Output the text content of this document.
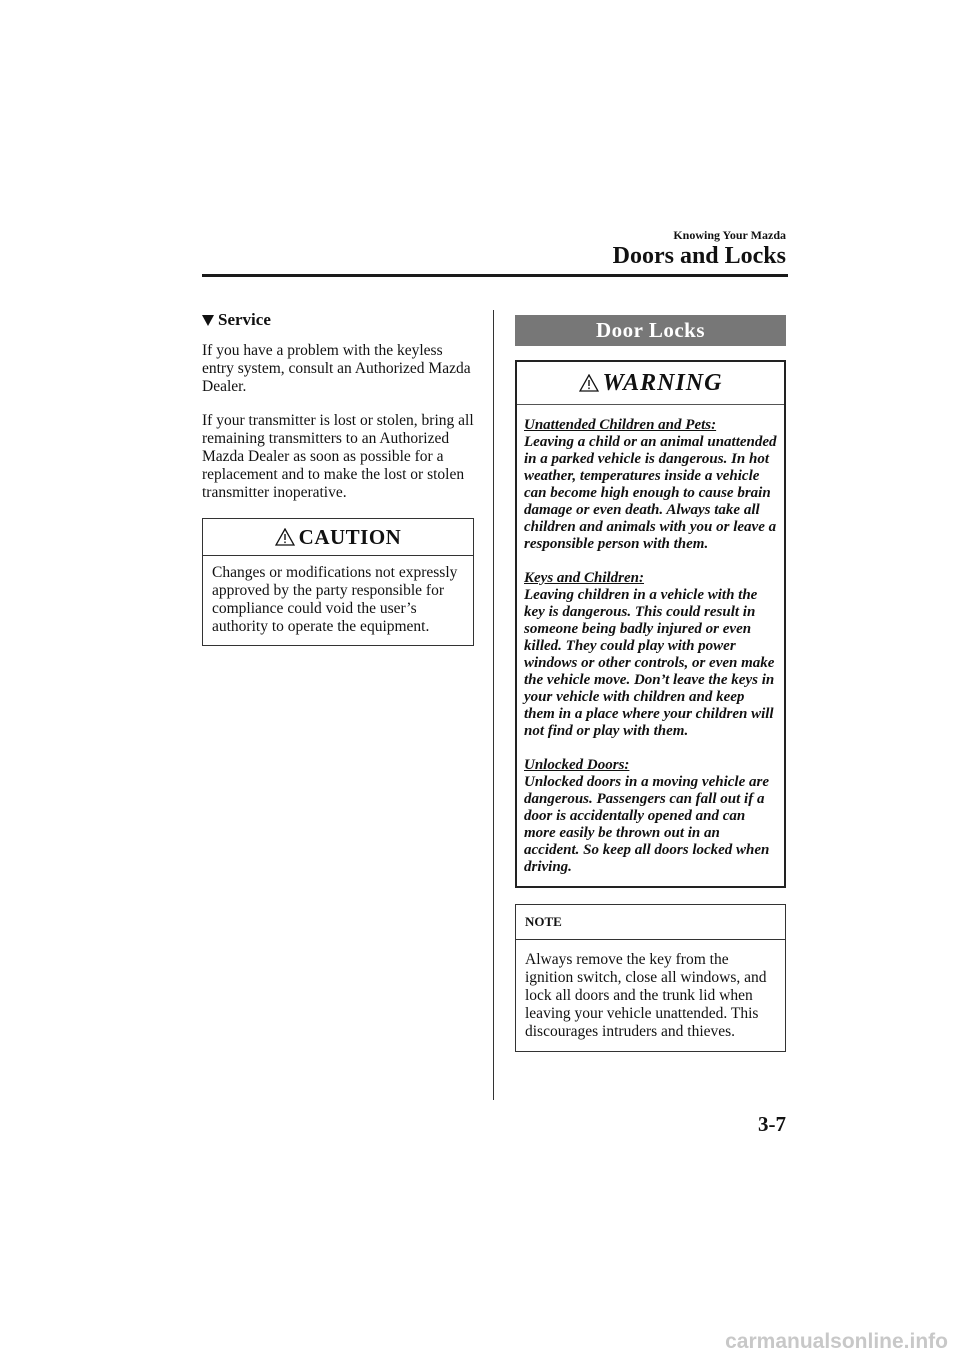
Knowing Your Mazda
Doors and Locks
Service

If you have a problem with the keyless entry system, consult an Authorized Mazda Dealer.

If your transmitter is lost or stolen, bring all remaining transmitters to an Authorized Mazda Dealer as soon as possible for a replacement and to make the lost or stolen transmitter inoperative.

CAUTION
Changes or modifications not expressly approved by the party responsible for compliance could void the user’s authority to operate the equipment.
Door Locks
WARNING
Unattended Children and Pets:
Leaving a child or an animal unattended in a parked vehicle is dangerous. In hot weather, temperatures inside a vehicle can become high enough to cause brain damage or even death. Always take all children and animals with you or leave a responsible person with them.
Keys and Children:
Leaving children in a vehicle with the key is dangerous. This could result in someone being badly injured or even killed. They could play with power windows or other controls, or even make the vehicle move. Don’t leave the keys in your vehicle with children and keep them in a place where your children will not find or play with them.
Unlocked Doors:
Unlocked doors in a moving vehicle are dangerous. Passengers can fall out if a door is accidentally opened and can more easily be thrown out in an accident. So keep all doors locked when driving.
NOTE
Always remove the key from the ignition switch, close all windows, and lock all doors and the trunk lid when leaving your vehicle unattended. This discourages intruders and thieves.
3-7
carmanualsonline.info
